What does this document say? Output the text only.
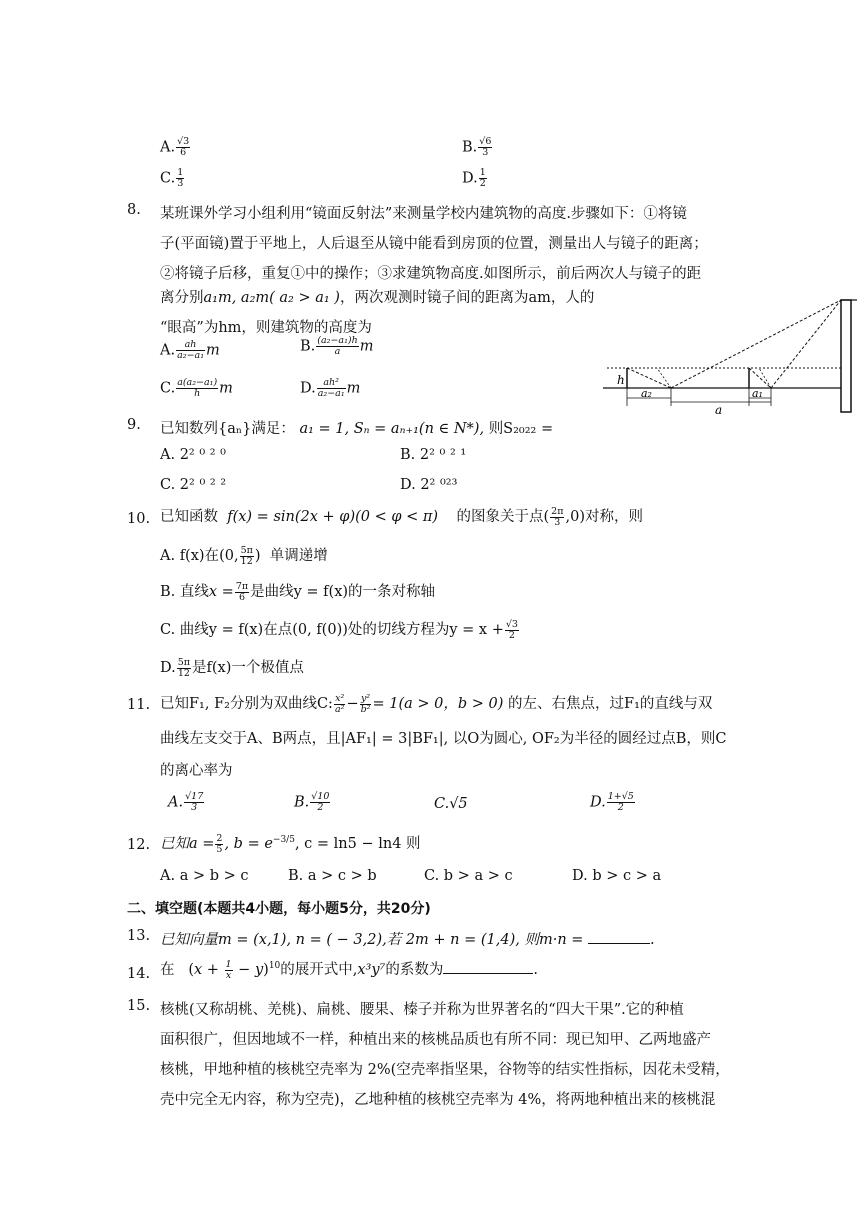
A. $\frac{√3}{6}$	B. $\frac{√6}{3}$
C. $\frac{1}{3}$	D. $\frac{1}{2}$
8. 某班课外学习小组利用“镜面反射法”来测量学校内建筑物的高度.步骤如下：①将镜
子(平面镜)置于平地上，人后退至从镜中能看到房顶的位置，测量出人与镜子的距离；
②将镜子后移，重复①中的操作；③求建筑物高度.如图所示，前后两次人与镜子的距
离分别a₁m, a₂m( a₂ > a₁ )，两次观测时镜子间的距离为am，人的
“眼高”为hm，则建筑物的高度为
A. $\frac{ah}{\text{a₂−a₁}}$ m	B. $\frac{\text{(a₂−a₁)h}}{a}$ m
C. $\frac{\text{a(a₂−a₁)}}{h}$ m	D. $\frac{\text{ah²}}{\text{a₂−a₁}}$ m
h
a₂
a
a₁
9. 已知数列{aₙ}满足： a₁ = 1, Sₙ = aₙ₊₁(n ∈ N*), 则S₂₀₂₂ =
A. 2² ⁰ ² ⁰	B. 2² ⁰ ² ¹
C. 2² ⁰ ² ²	D. 2² ⁰²³
10. 已知函数 f(x) = sin(2x + φ)(0 < φ < π) 的图象关于点( $\frac{2\pi}{3} ,0$)对称，则
A. f(x)在(0, $\frac{5\pi}{12}$ )  单调递增
B. 直线$x = \frac{7\pi}{6}$ 是曲线y = f(x)的一条对称轴
C. 曲线y = f(x)在点(0, f(0))处的切线方程为$y = x + \frac{√3}{2}$
D. $\frac{5\pi}{12}$ 是f(x)一个极值点
11. 已知F₁, F₂分别为双曲线C: $\frac{\text{x²}}{\text{a²}} - \frac{\text{y²}}{\text{b²}} = 1(a > 0$，b > 0) 的左、右焦点，过F₁的直线与双
曲线左支交于A、B两点，且|AF₁| = 3|BF₁|, 以O为圆心, OF₂为半径的圆经过点B，则C
的离心率为
A. $\frac{√17}{3}$	B. $\frac{√10}{2}$	C.√5	D. $\frac{1+√5}{2}$
12. 已知$a = \frac{2}{5}$ , $b = e^{-3/5}$, c = ln5 − ln4 则
A. a > b > c	B. a > c > b	C. b > a > c	D. b > c > a
二、填空题(本题共4小题，每小题5分，共20分)
13. 已知向量m = (x,1), n = ( − 3,2),若 2m + n = (1,4), 则m·n =	.
14. 在   $(x + \frac{1}{x} - y)^{10}$的展开式中,x³y⁷的系数为	.
15. 核桃(又称胡桃、羌桃)、扁桃、腰果、榛子并称为世界著名的“四大干果”.它的种植
面积很广，但因地域不一样，种植出来的核桃品质也有所不同：现已知甲、乙两地盛产
核桃，甲地种植的核桃空壳率为 2%(空壳率指坚果，谷物等的结实性指标，因花未受精，
壳中完全无内容，称为空壳)，乙地种植的核桃空壳率为 4%，将两地种植出来的核桃混
